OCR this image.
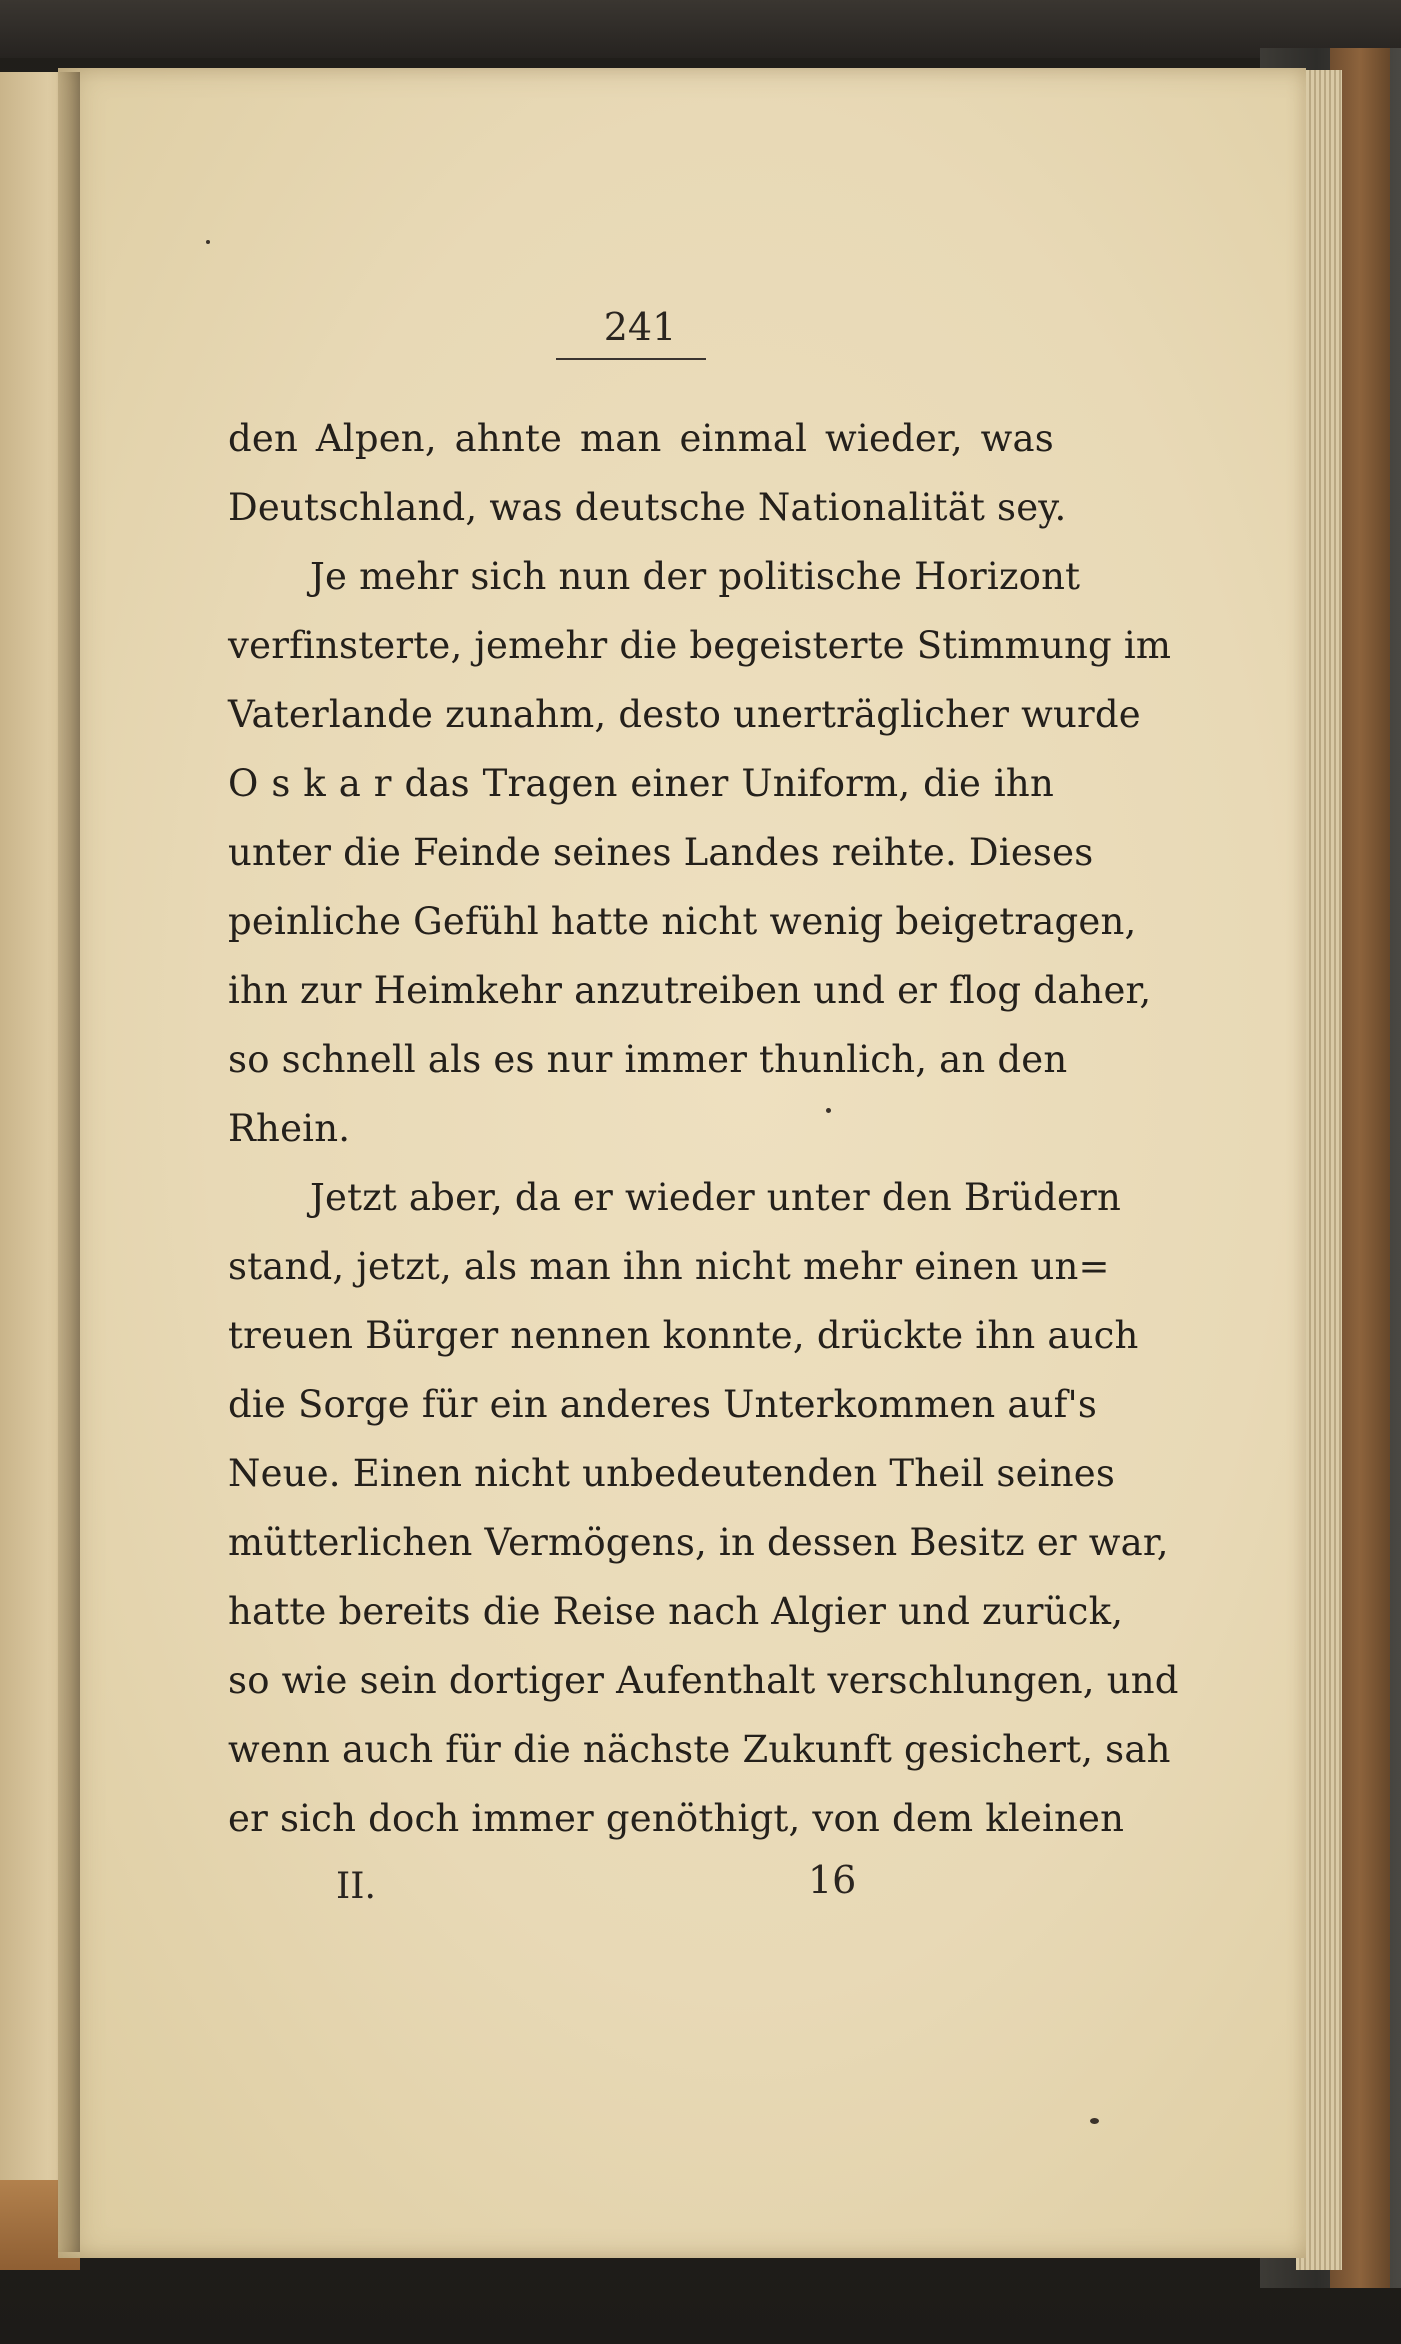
241
den Alpen, ahnte man einmal wieder, was
Deutschland, was deutsche Nationalität sey.
Je mehr sich nun der politische Horizont
verfinsterte, jemehr die begeisterte Stimmung im
Vaterlande zunahm, desto unerträglicher wurde
O s k a r das Tragen einer Uniform, die ihn
unter die Feinde seines Landes reihte. Dieses
peinliche Gefühl hatte nicht wenig beigetragen,
ihn zur Heimkehr anzutreiben und er flog daher,
so schnell als es nur immer thunlich, an den
Rhein.
Jetzt aber, da er wieder unter den Brüdern
stand, jetzt, als man ihn nicht mehr einen un=
treuen Bürger nennen konnte, drückte ihn auch
die Sorge für ein anderes Unterkommen auf's
Neue. Einen nicht unbedeutenden Theil seines
mütterlichen Vermögens, in dessen Besitz er war,
hatte bereits die Reise nach Algier und zurück,
so wie sein dortiger Aufenthalt verschlungen, und
wenn auch für die nächste Zukunft gesichert, sah
er sich doch immer genöthigt, von dem kleinen
II.	16
